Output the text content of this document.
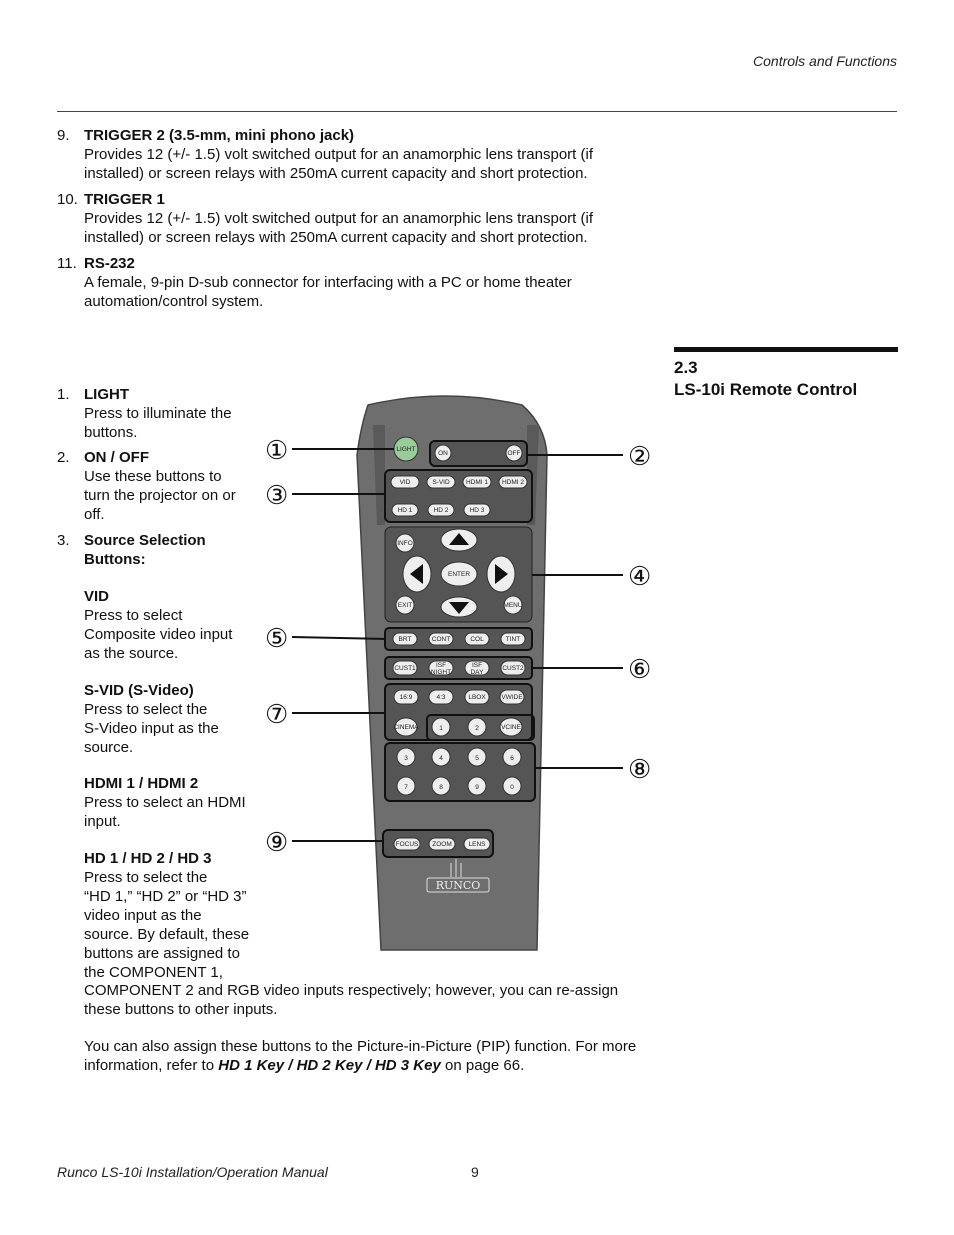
Controls and Functions
9. TRIGGER 2 (3.5-mm, mini phono jack)
Provides 12 (+/- 1.5) volt switched output for an anamorphic lens transport (if
installed) or screen relays with 250mA current capacity and short protection.
10. TRIGGER 1
Provides 12 (+/- 1.5) volt switched output for an anamorphic lens transport (if
installed) or screen relays with 250mA current capacity and short protection.
11. RS-232
A female, 9-pin D-sub connector for interfacing with a PC or home theater
automation/control system.
2.3
LS-10i Remote Control
1. LIGHT
Press to illuminate the
buttons.
2. ON / OFF
Use these buttons to
turn the projector on or
off.
3. Source Selection
Buttons:
VID
Press to select
Composite video input
as the source.
S-VID (S-Video)
Press to select the
S-Video input as the
source.
HDMI 1 / HDMI 2
Press to select an HDMI
input.
HD 1 / HD 2 / HD 3
Press to select the
“HD 1,” “HD 2” or “HD 3”
video input as the
source. By default, these
buttons are assigned to
the COMPONENT 1,
COMPONENT 2 and RGB video inputs respectively; however, you can re-assign
these buttons to other inputs.
You can also assign these buttons to the Picture-in-Picture (PIP) function. For more
information, refer to HD 1 Key / HD 2 Key / HD 3 Key on page 66.
LIGHT
ON	OFF
VID	S-VID	HDMI 1 HDMI 2
HD 1	HD 2	HD 3
INFO
ENTER
EXIT	MENU
BRT	CONT	COL	TINT
CUST1	ISF
NIGHT
ISF
DAY
CUST2
16:9	4:3	LBOX VWIDE
CINEMA	VCINE
1	2
3	4	5	6
7	8	9	0
FOCUS ZOOM	LENS
RUNCO
①	②
③
④
⑤
⑥
⑦
⑧
⑨
Runco LS-10i Installation/Operation Manual	9
